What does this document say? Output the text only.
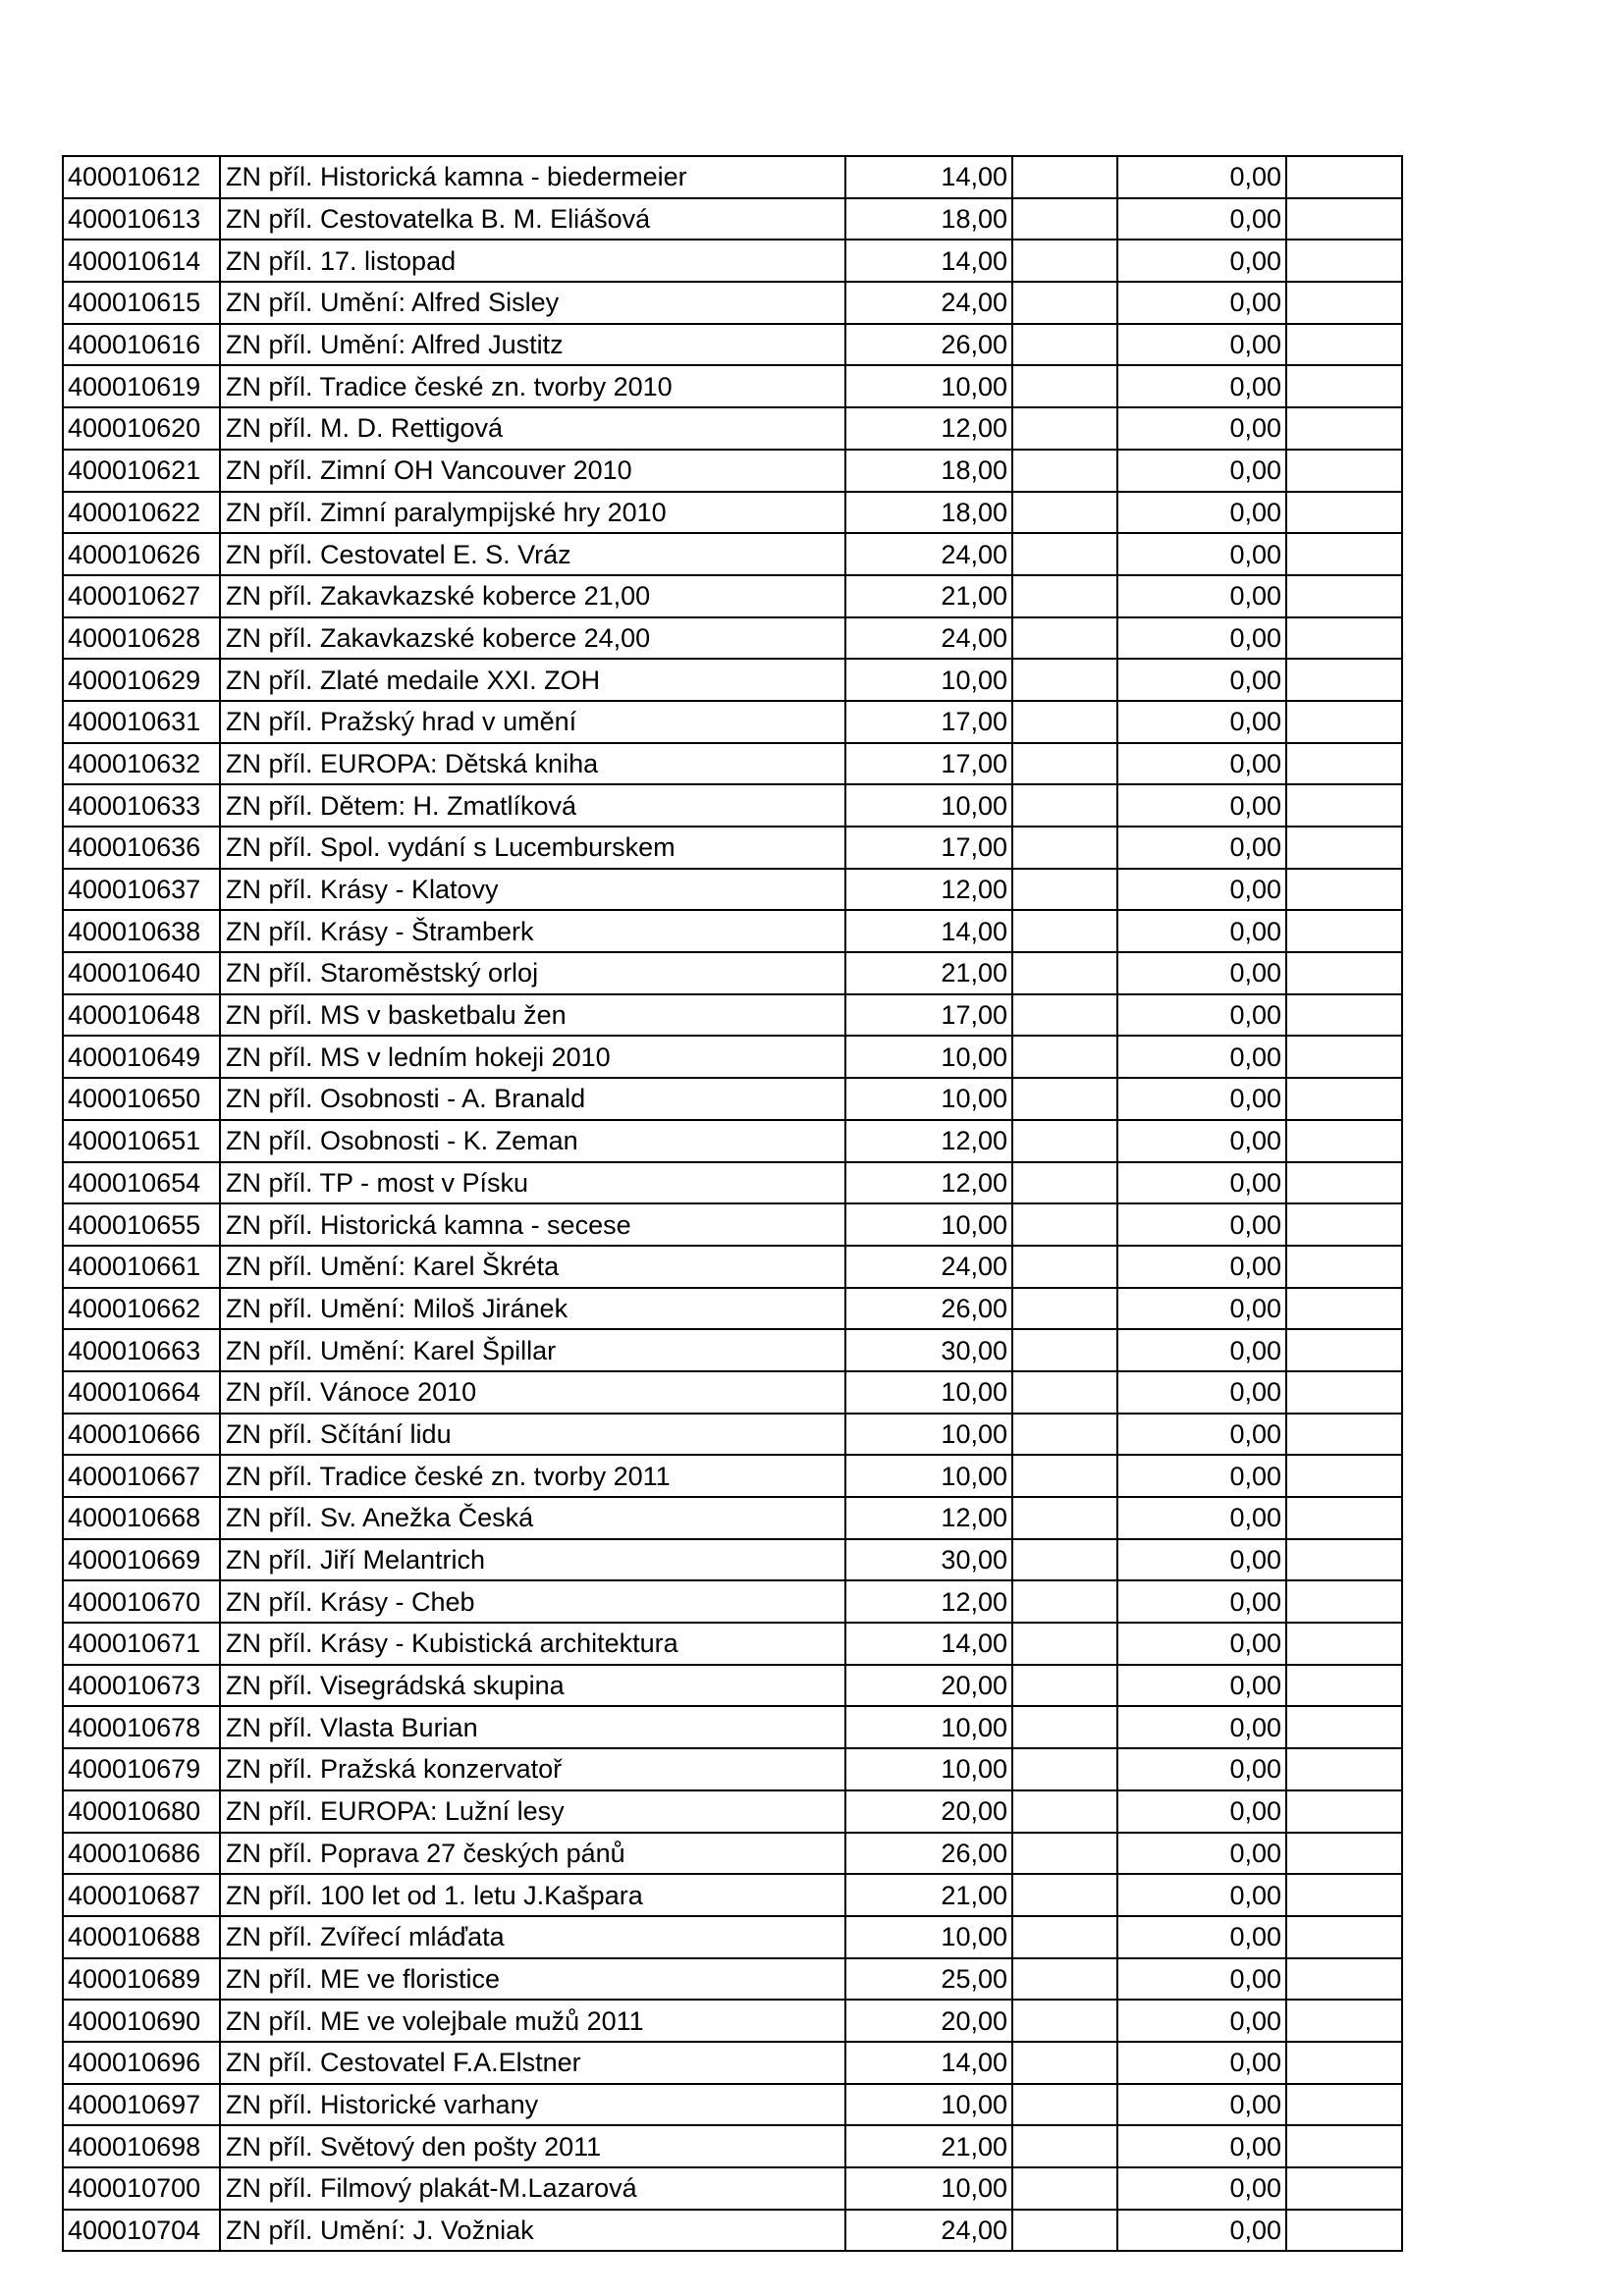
400010612	ZN příl. Historická kamna - biedermeier	14,00		0,00	
400010613	ZN příl. Cestovatelka B. M. Eliášová	18,00		0,00	
400010614	ZN příl. 17. listopad	14,00		0,00	
400010615	ZN příl. Umění: Alfred Sisley	24,00		0,00	
400010616	ZN příl. Umění: Alfred Justitz	26,00		0,00	
400010619	ZN příl. Tradice české zn. tvorby 2010	10,00		0,00	
400010620	ZN příl. M. D. Rettigová	12,00		0,00	
400010621	ZN příl. Zimní OH Vancouver 2010	18,00		0,00	
400010622	ZN příl. Zimní paralympijské hry 2010	18,00		0,00	
400010626	ZN příl. Cestovatel E. S. Vráz	24,00		0,00	
400010627	ZN příl. Zakavkazské koberce 21,00	21,00		0,00	
400010628	ZN příl. Zakavkazské koberce 24,00	24,00		0,00	
400010629	ZN příl. Zlaté medaile XXI. ZOH	10,00		0,00	
400010631	ZN příl. Pražský hrad v umění	17,00		0,00	
400010632	ZN příl. EUROPA: Dětská kniha	17,00		0,00	
400010633	ZN příl. Dětem: H. Zmatlíková	10,00		0,00	
400010636	ZN příl. Spol. vydání s Lucemburskem	17,00		0,00	
400010637	ZN příl. Krásy - Klatovy	12,00		0,00	
400010638	ZN příl. Krásy - Štramberk	14,00		0,00	
400010640	ZN příl. Staroměstský orloj	21,00		0,00	
400010648	ZN příl. MS v basketbalu žen	17,00		0,00	
400010649	ZN příl. MS v ledním hokeji 2010	10,00		0,00	
400010650	ZN příl. Osobnosti - A. Branald	10,00		0,00	
400010651	ZN příl. Osobnosti - K. Zeman	12,00		0,00	
400010654	ZN příl. TP - most v Písku	12,00		0,00	
400010655	ZN příl. Historická kamna - secese	10,00		0,00	
400010661	ZN příl. Umění: Karel Škréta	24,00		0,00	
400010662	ZN příl. Umění: Miloš Jiránek	26,00		0,00	
400010663	ZN příl. Umění: Karel Špillar	30,00		0,00	
400010664	ZN příl. Vánoce 2010	10,00		0,00	
400010666	ZN příl. Sčítání lidu	10,00		0,00	
400010667	ZN příl. Tradice české zn. tvorby 2011	10,00		0,00	
400010668	ZN příl. Sv. Anežka Česká	12,00		0,00	
400010669	ZN příl. Jiří Melantrich	30,00		0,00	
400010670	ZN příl. Krásy - Cheb	12,00		0,00	
400010671	ZN příl. Krásy - Kubistická architektura	14,00		0,00	
400010673	ZN příl. Visegrádská skupina	20,00		0,00	
400010678	ZN příl. Vlasta Burian	10,00		0,00	
400010679	ZN příl. Pražská konzervatoř	10,00		0,00	
400010680	ZN příl. EUROPA: Lužní lesy	20,00		0,00	
400010686	ZN příl. Poprava 27 českých pánů	26,00		0,00	
400010687	ZN příl. 100 let od 1. letu J.Kašpara	21,00		0,00	
400010688	ZN příl. Zvířecí mláďata	10,00		0,00	
400010689	ZN příl. ME ve floristice	25,00		0,00	
400010690	ZN příl. ME ve volejbale mužů 2011	20,00		0,00	
400010696	ZN příl. Cestovatel F.A.Elstner	14,00		0,00	
400010697	ZN příl. Historické varhany	10,00		0,00	
400010698	ZN příl. Světový den pošty 2011	21,00		0,00	
400010700	ZN příl. Filmový plakát-M.Lazarová	10,00		0,00	
400010704	ZN příl. Umění: J. Vožniak	24,00		0,00	
